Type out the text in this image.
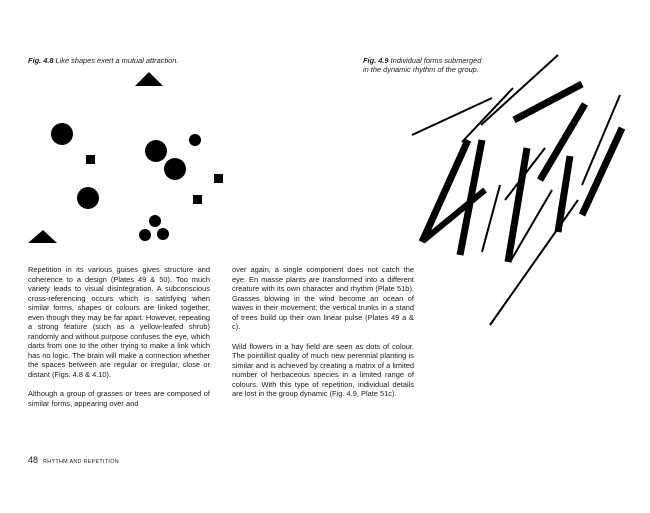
Fig. 4.8 Like shapes exert a mutual attraction.	Fig. 4.9 Individual forms submerged
in the dynamic rhythm of the group.

Repetition in its various guises gives structure and coherence to a design (Plates 49 & 50). Too much variety leads to visual disintegration. A subconscious cross-referencing occurs which is satisfying when similar forms, shapes or colours are linked together, even though they may be far apart. However, repeating a strong feature (such as a yellow-leafed shrub) randomly and without purpose confuses the eye, which darts from one to the other trying to make a link which has no logic. The brain will make a connection whether the spaces between are regular or irregular, close or distant (Figs. 4.8 & 4.10).

Although a group of grasses or trees are composed of similar forms, appearing over and

over again, a single component does not catch the eye. En masse plants are transformed into a different creature with its own character and rhythm (Plate 51b). Grasses blowing in the wind become an ocean of waves in their movement; the vertical trunks in a stand of trees build up their own linear pulse (Plates 49 a & c).

Wild flowers in a hay field are seen as dots of colour. The pointillist quality of much new perennial planting is similar and is achieved by creating a matrix of a limited number of herbaceous species in a limited range of colours. With this type of repetition, individual details are lost in the group dynamic (Fig. 4.9, Plate 51c).

48 RHYTHM AND REPETITION
